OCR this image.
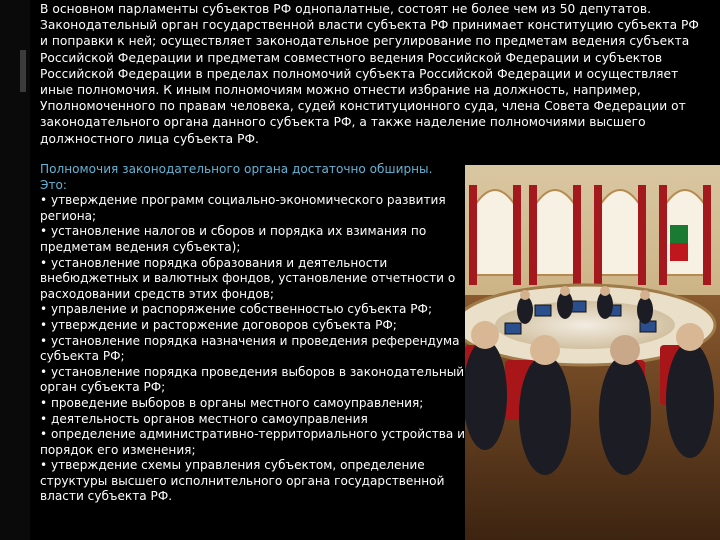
В основном парламенты субъектов РФ однопалатные, состоят не более чем из 50 депутатов. Законодательный орган государственной власти субъекта РФ принимает конституцию субъекта РФ и поправки к ней; осуществляет законодательное регулирование по предметам ведения субъекта Российской Федерации и предметам совместного ведения Российской Федерации и субъектов Российской Федерации в пределах полномочий субъекта Российской Федерации и осуществляет иные полномочия. К иным полномочиям можно отнести избрание на должность, например, Уполномоченного по правам человека, судей конституционного суда, члена Совета Федерации от законодательного органа данного субъекта РФ, а также наделение полномочиями высшего должностного лица субъекта РФ.

Полномочия законодательного органа достаточно обширны.
Это:
• утверждение программ социально-экономического развития региона;
• установление налогов и сборов и порядка их взимания по предметам ведения субъекта);
• установление порядка образования и деятельности внебюджетных и валютных фондов, установление отчетности о расходовании средств этих фондов;
• управление и распоряжение собственностью субъекта РФ;
• утверждение и расторжение договоров субъекта РФ;
• установление порядка назначения и проведения референдума субъекта РФ;
• установление порядка проведения выборов в законодательный орган субъекта РФ;
• проведение выборов в органы местного самоуправления;
• деятельность органов местного самоуправления
• определение административно-территориального устройства и порядок его изменения;
• утверждение схемы управления субъектом, определение структуры высшего исполнительного органа государственной власти субъекта РФ.
